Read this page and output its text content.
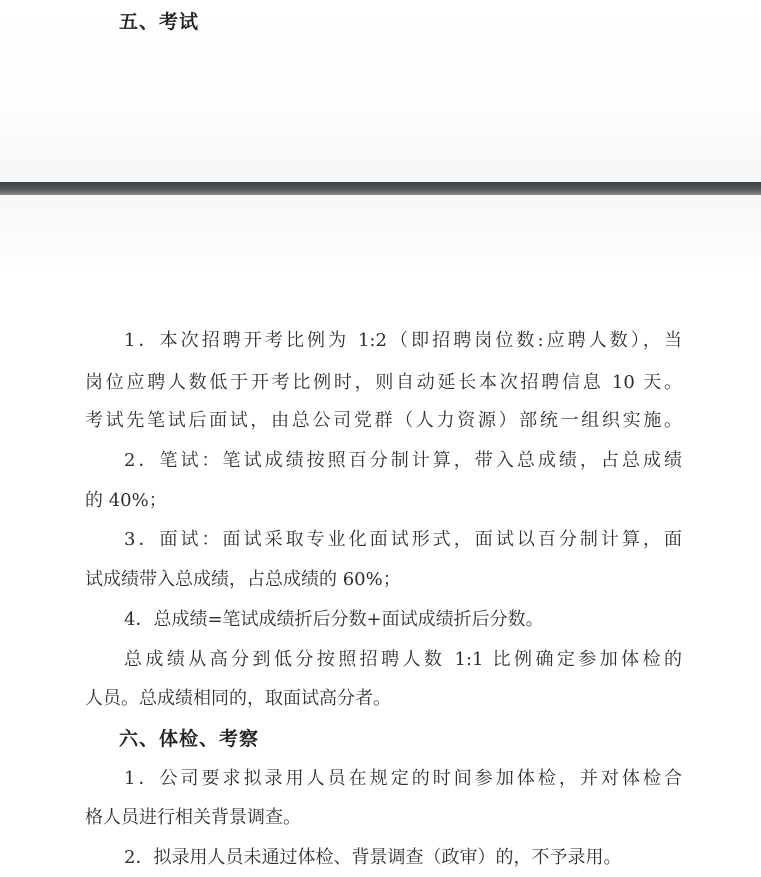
五、考试
1．本次招聘开考比例为 1:2（即招聘岗位数:应聘人数），当
岗位应聘人数低于开考比例时，则自动延长本次招聘信息 10 天。
考试先笔试后面试，由总公司党群（人力资源）部统一组织实施。
2．笔试：笔试成绩按照百分制计算，带入总成绩，占总成绩
的 40%；
3．面试：面试采取专业化面试形式，面试以百分制计算，面
试成绩带入总成绩，占总成绩的 60%；
4．总成绩=笔试成绩折后分数+面试成绩折后分数。
总成绩从高分到低分按照招聘人数 1:1 比例确定参加体检的
人员。总成绩相同的，取面试高分者。
六、体检、考察
1．公司要求拟录用人员在规定的时间参加体检，并对体检合
格人员进行相关背景调查。
2．拟录用人员未通过体检、背景调查（政审）的，不予录用。
